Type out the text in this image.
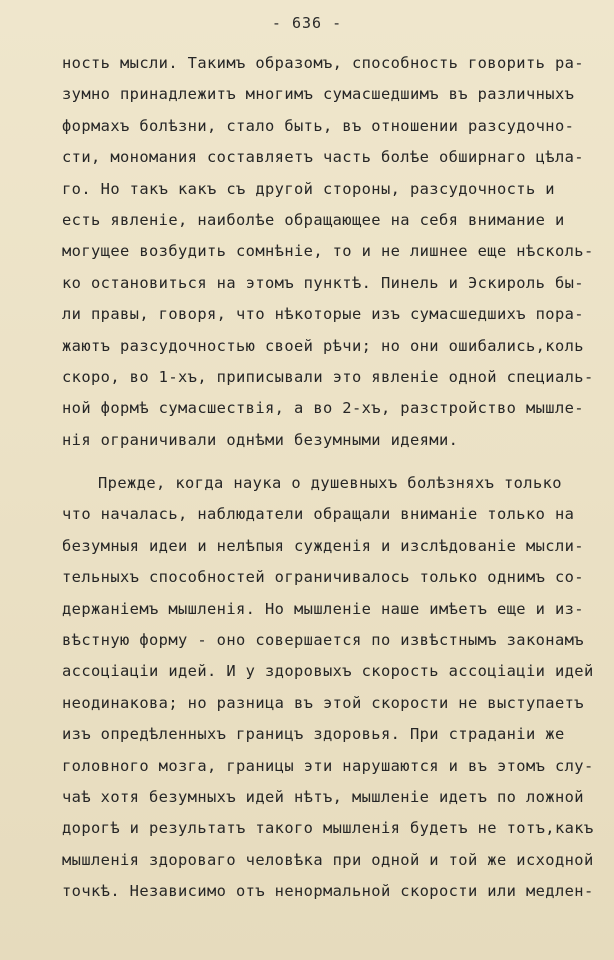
- 636 -
ность мысли. Такимъ образомъ, способность говорить ра-
зумно принадлежитъ многимъ сумасшедшимъ въ различныхъ
формахъ болѣзни, стало быть, въ отношении разсудочно-
сти, мономания составляетъ часть болѣе обширнаго цѣла-
го. Но такъ какъ съ другой стороны, разсудочность и
есть явленіе, наиболѣе обращающее на себя внимание и
могущее возбудить сомнѣніе, то и не лишнее еще нѣсколь-
ко остановиться на этомъ пунктѣ. Пинель и Эскироль бы-
ли правы, говоря, что нѣкоторые изъ сумасшедшихъ пора-
жаютъ разсудочностью своей рѣчи; но они ошибались,коль
скоро, во 1-хъ, приписывали это явленіе одной специаль-
ной формѣ сумасшествія, а во 2-хъ, разстройство мышле-
нія ограничивали однѣми безумными идеями.
Прежде, когда наука о душевныхъ болѣзняхъ только
что началась, наблюдатели обращали вниманіе только на
безумныя идеи и нелѣпыя сужденія и изслѣдованіе мысли-
тельныхъ способностей ограничивалось только однимъ со-
держаніемъ мышленія. Но мышленіе наше имѣетъ еще и из-
вѣстную форму - оно совершается по извѣстнымъ законамъ
ассоціаціи идей. И у здоровыхъ скорость ассоціаціи идей
неодинакова; но разница въ этой скорости не выступаетъ
изъ опредѣленныхъ границъ здоровья. При страданіи же
головного мозга, границы эти нарушаются и въ этомъ слу-
чаѣ хотя безумныхъ идей нѣтъ, мышленіе идетъ по ложной
дорогѣ и результатъ такого мышленія будетъ не тотъ,какъ
мышленія здороваго человѣка при одной и той же исходной
точкѣ. Независимо отъ ненормальной скорости или медлен-
